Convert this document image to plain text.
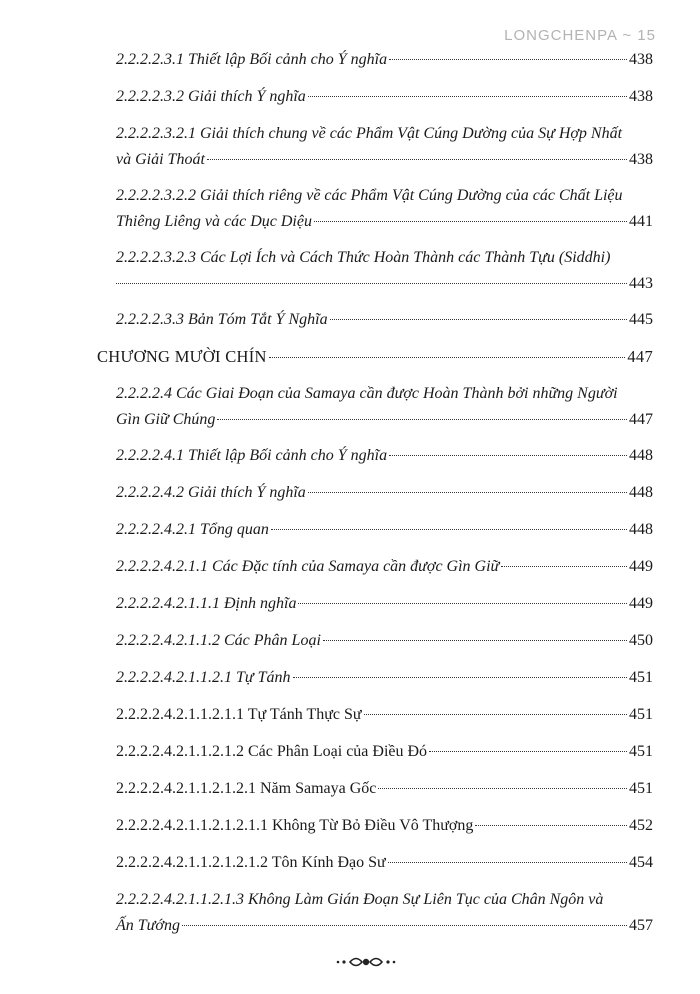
LONGCHENPA ~ 15
2.2.2.2.3.1 Thiết lập Bối cảnh cho Ý nghĩa	438
2.2.2.2.3.2 Giải thích Ý nghĩa	438
2.2.2.2.3.2.1 Giải thích chung về các Phẩm Vật Cúng Dường của Sự Hợp Nhất
và Giải Thoát	438
2.2.2.2.3.2.2 Giải thích riêng về các Phẩm Vật Cúng Dường của các Chất Liệu
Thiêng Liêng và các Dục Diệu	441
2.2.2.2.3.2.3 Các Lợi Ích và Cách Thức Hoàn Thành các Thành Tựu (Siddhi)
443
2.2.2.2.3.3 Bản Tóm Tắt Ý Nghĩa	445
CHƯƠNG MƯỜI CHÍN	447
2.2.2.2.4 Các Giai Đoạn của Samaya cần được Hoàn Thành bởi những Người
Gìn Giữ Chúng	447
2.2.2.2.4.1 Thiết lập Bối cảnh cho Ý nghĩa	448
2.2.2.2.4.2 Giải thích Ý nghĩa	448
2.2.2.2.4.2.1 Tổng quan	448
2.2.2.2.4.2.1.1 Các Đặc tính của Samaya cần được Gìn Giữ	449
2.2.2.2.4.2.1.1.1 Định nghĩa	449
2.2.2.2.4.2.1.1.2 Các Phân Loại	450
2.2.2.2.4.2.1.1.2.1 Tự Tánh	451
2.2.2.2.4.2.1.1.2.1.1 Tự Tánh Thực Sự	451
2.2.2.2.4.2.1.1.2.1.2 Các Phân Loại của Điều Đó	451
2.2.2.2.4.2.1.1.2.1.2.1 Năm Samaya Gốc	451
2.2.2.2.4.2.1.1.2.1.2.1.1 Không Từ Bỏ Điều Vô Thượng	452
2.2.2.2.4.2.1.1.2.1.2.1.2 Tôn Kính Đạo Sư	454
2.2.2.2.4.2.1.1.2.1.3 Không Làm Gián Đoạn Sự Liên Tục của Chân Ngôn và
Ấn Tướng	457
